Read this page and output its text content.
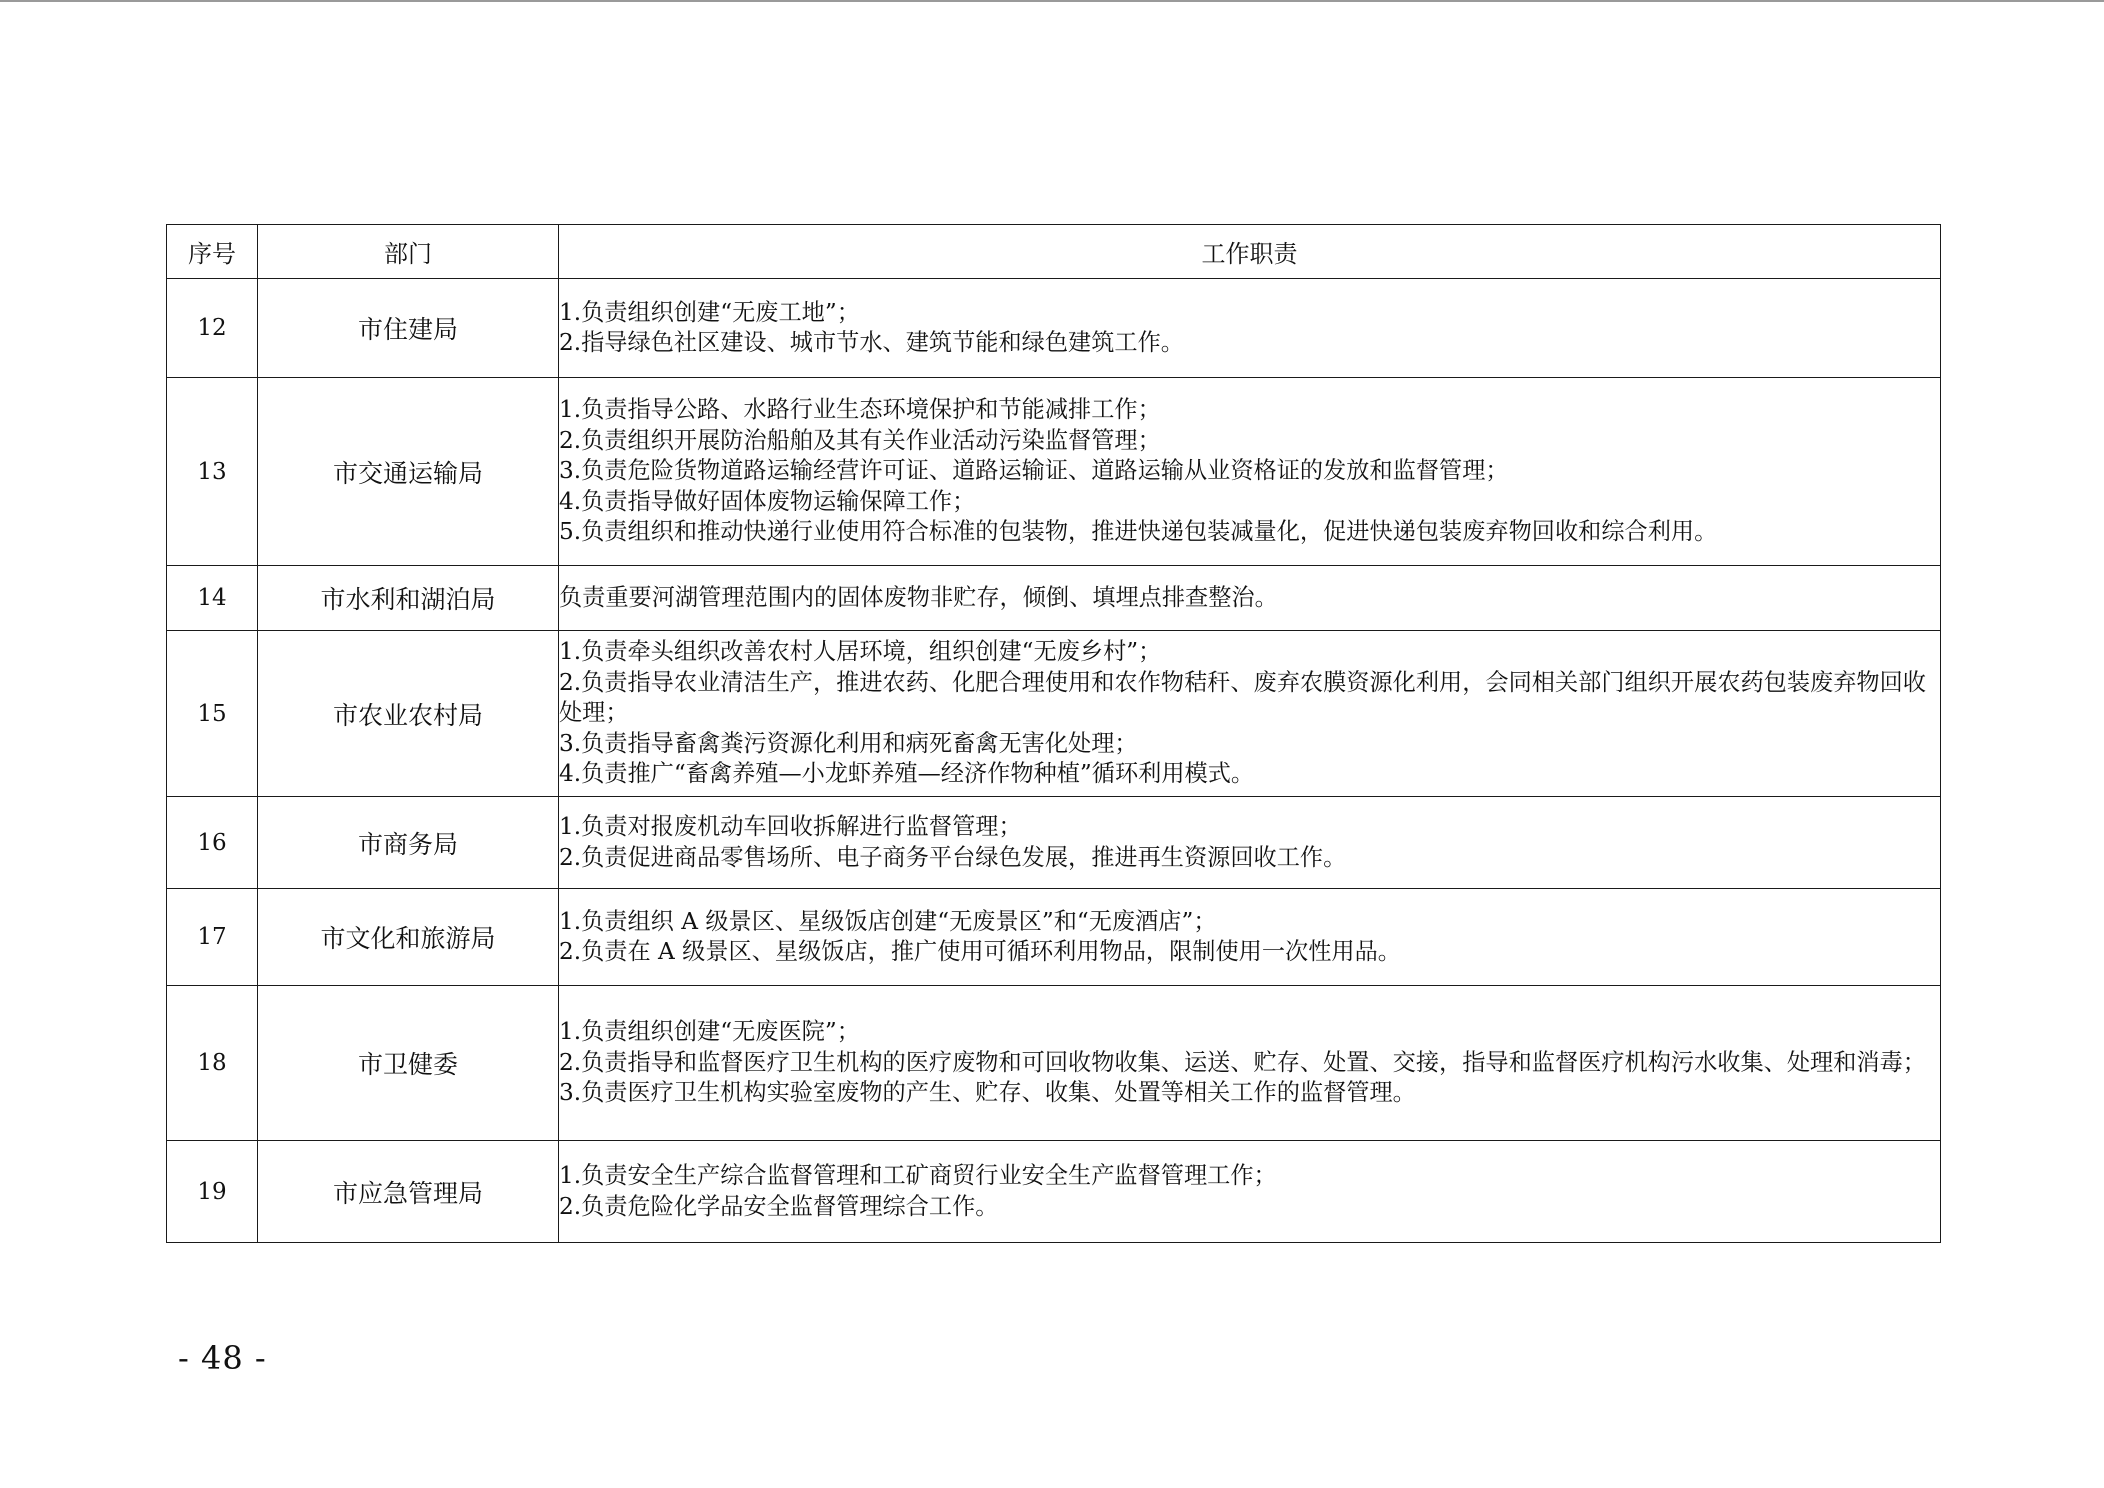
序号	部门	工作职责
12	市住建局	1.负责组织创建“无废工地”；
2.指导绿色社区建设、城市节水、建筑节能和绿色建筑工作。

13	市交通运输局	1.负责指导公路、水路行业生态环境保护和节能减排工作；
2.负责组织开展防治船舶及其有关作业活动污染监督管理；
3.负责危险货物道路运输经营许可证、道路运输证、道路运输从业资格证的发放和监督管理；
4.负责指导做好固体废物运输保障工作；
5.负责组织和推动快递行业使用符合标准的包装物，推进快递包装减量化，促进快递包装废弃物回收和综合利用。

14	市水利和湖泊局	负责重要河湖管理范围内的固体废物非贮存，倾倒、填埋点排查整治。

15	市农业农村局	1.负责牵头组织改善农村人居环境，组织创建“无废乡村”；
2.负责指导农业清洁生产，推进农药、化肥合理使用和农作物秸秆、废弃农膜资源化利用，会同相关部门组织开展农药包装废弃物回收处理；
3.负责指导畜禽粪污资源化利用和病死畜禽无害化处理；
4.负责推广“畜禽养殖—小龙虾养殖—经济作物种植”循环利用模式。

16	市商务局	1.负责对报废机动车回收拆解进行监督管理；
2.负责促进商品零售场所、电子商务平台绿色发展，推进再生资源回收工作。

17	市文化和旅游局	1.负责组织 A 级景区、星级饭店创建“无废景区”和“无废酒店”；
2.负责在 A 级景区、星级饭店，推广使用可循环利用物品，限制使用一次性用品。

18	市卫健委	1.负责组织创建“无废医院”；
2.负责指导和监督医疗卫生机构的医疗废物和可回收物收集、运送、贮存、处置、交接，指导和监督医疗机构污水收集、处理和消毒；
3.负责医疗卫生机构实验室废物的产生、贮存、收集、处置等相关工作的监督管理。

19	市应急管理局	1.负责安全生产综合监督管理和工矿商贸行业安全生产监督管理工作；
2.负责危险化学品安全监督管理综合工作。
- 48 -
